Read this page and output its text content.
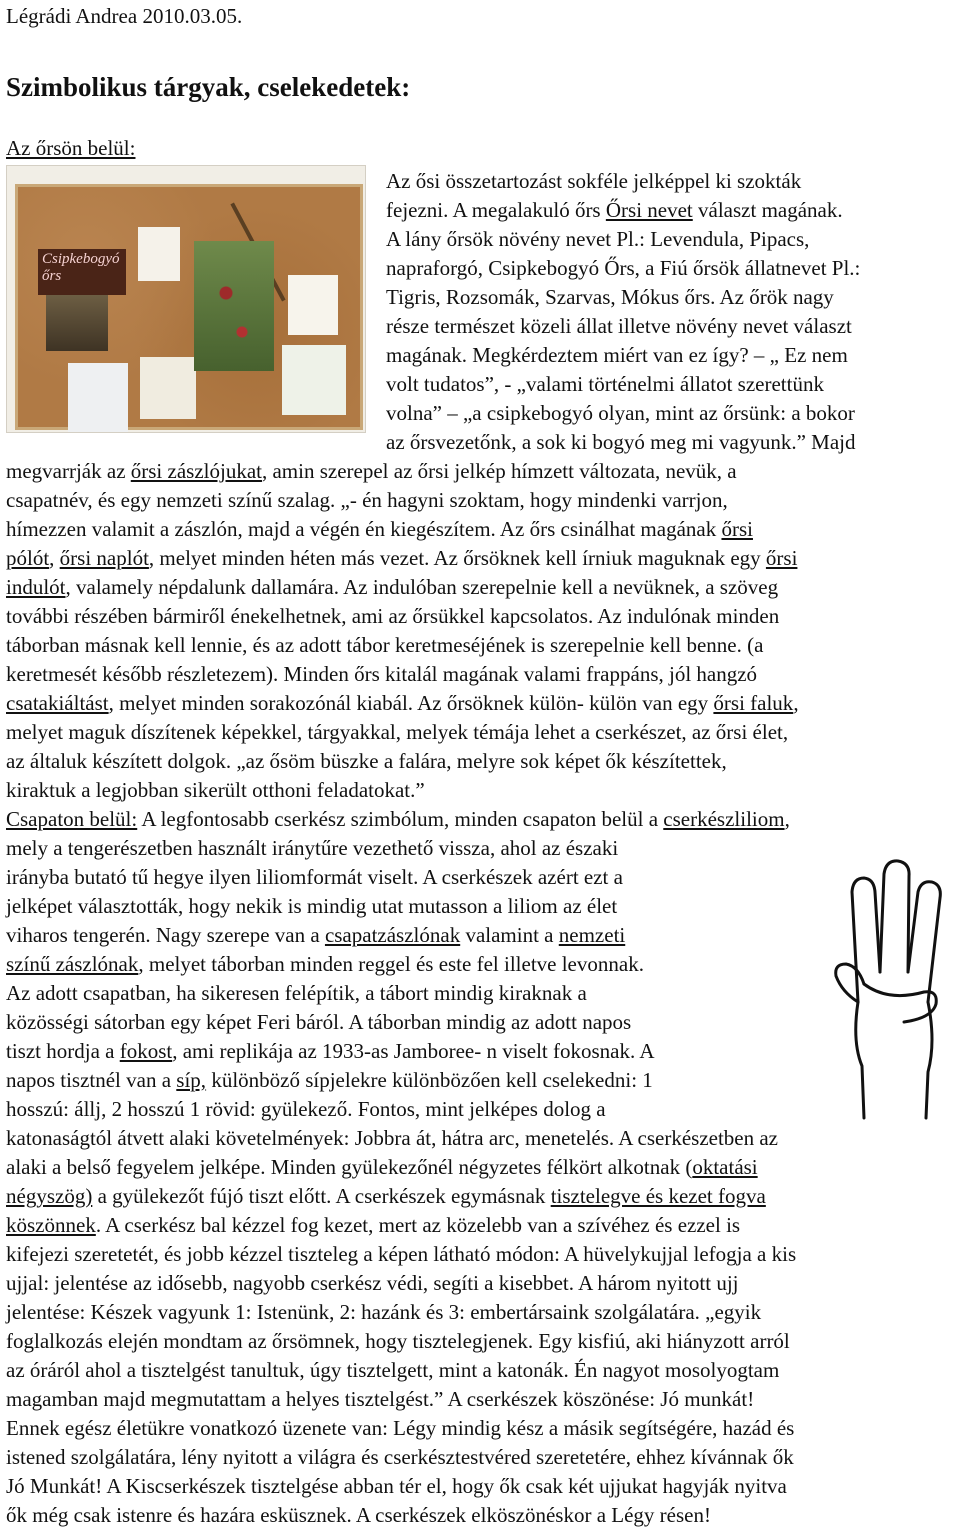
Légrádi Andrea 2010.03.05.
Szimbolikus tárgyak, cselekedetek:
Az őrsön belül:
Csipkebogyó őrs

Az ősi összetartozást sokféle jelképpel ki szokták

fejezni. A megalakuló őrs Őrsi nevet választ magának.

A lány őrsök növény nevet Pl.: Levendula, Pipacs,

napraforgó, Csipkebogyó Őrs, a Fiú őrsök állatnevet Pl.:

Tigris, Rozsomák, Szarvas, Mókus őrs. Az őrök nagy

része természet közeli állat illetve növény nevet választ

magának. Megkérdeztem miért van ez így? – „ Ez nem

volt tudatos”, - „valami történelmi állatot szerettünk

volna” – „a csipkebogyó olyan, mint az őrsünk: a bokor

az őrsvezetőnk, a sok ki bogyó meg mi vagyunk.” Majd

megvarrják az őrsi zászlójukat, amin szerepel az őrsi jelkép hímzett változata, nevük, a

csapatnév, és egy nemzeti színű szalag. „- én hagyni szoktam, hogy mindenki varrjon,

hímezzen valamit a zászlón, majd a végén én kiegészítem. Az őrs csinálhat magának őrsi

pólót, őrsi naplót, melyet minden héten más vezet. Az őrsöknek kell írniuk maguknak egy őrsi

indulót, valamely népdalunk dallamára. Az indulóban szerepelnie kell a nevüknek, a szöveg

további részében bármiről énekelhetnek, ami az őrsükkel kapcsolatos. Az indulónak minden

táborban másnak kell lennie, és az adott tábor keretmeséjének is szerepelnie kell benne. (a

keretmesét később részletezem). Minden őrs kitalál magának valami frappáns, jól hangzó

csatakiáltást, melyet minden sorakozónál kiabál. Az őrsöknek külön- külön van egy őrsi faluk,

melyet maguk díszítenek képekkel, tárgyakkal, melyek témája lehet a cserkészet, az őrsi élet,

az általuk készített dolgok. „az ősöm büszke a falára, melyre sok képet ők készítettek,

kiraktuk a legjobban sikerült otthoni feladatokat.”

Csapaton belül: A legfontosabb cserkész szimbólum, minden csapaton belül a cserkészliliom,

mely a tengerészetben használt iránytűre vezethető vissza, ahol az északi

irányba butató tű hegye ilyen liliomformát viselt. A cserkészek azért ezt a

jelképet választották, hogy nekik is mindig utat mutasson a liliom az élet

viharos tengerén. Nagy szerepe van a csapatzászlónak valamint a nemzeti

színű zászlónak, melyet táborban minden reggel és este fel illetve levonnak.

Az adott csapatban, ha sikeresen felépítik, a tábort mindig kiraknak a

közösségi sátorban egy képet Feri báról. A táborban mindig az adott napos

tiszt hordja a fokost, ami replikája az 1933-as Jamboree- n viselt fokosnak. A

napos tisztnél van a síp, különböző sípjelekre különbözően kell cselekedni: 1

hosszú: állj, 2 hosszú 1 rövid: gyülekező. Fontos, mint jelképes dolog a

katonaságtól átvett alaki követelmények: Jobbra át, hátra arc, menetelés. A cserkészetben az

alaki a belső fegyelem jelképe. Minden gyülekezőnél négyzetes félkört alkotnak (oktatási

négyszög) a gyülekezőt fújó tiszt előtt. A cserkészek egymásnak tisztelegve és kezet fogva

köszönnek. A cserkész bal kézzel fog kezet, mert az közelebb van a szívéhez és ezzel is

kifejezi szeretetét, és jobb kézzel tiszteleg a képen látható módon: A hüvelykujjal lefogja a kis

ujjal: jelentése az idősebb, nagyobb cserkész védi, segíti a kisebbet. A három nyitott ujj

jelentése: Készek vagyunk 1: Istenünk, 2: hazánk és 3: embertársaink szolgálatára. „egyik

foglalkozás elején mondtam az őrsömnek, hogy tisztelegjenek. Egy kisfiú, aki hiányzott arról

az óráról ahol a tisztelgést tanultuk, úgy tisztelgett, mint a katonák. Én nagyot mosolyogtam

magamban majd megmutattam a helyes tisztelgést.” A cserkészek köszönése: Jó munkát!

Ennek egész életükre vonatkozó üzenete van: Légy mindig kész a másik segítségére, hazád és

istened szolgálatára, lény nyitott a világra és cserkésztestvéred szeretetére, ehhez kívánnak ők

Jó Munkát! A Kiscserkészek tisztelgése abban tér el, hogy ők csak két ujjukat hagyják nyitva

ők még csak istenre és hazára esküsznek. A cserkészek elköszönéskor a Légy résen!
